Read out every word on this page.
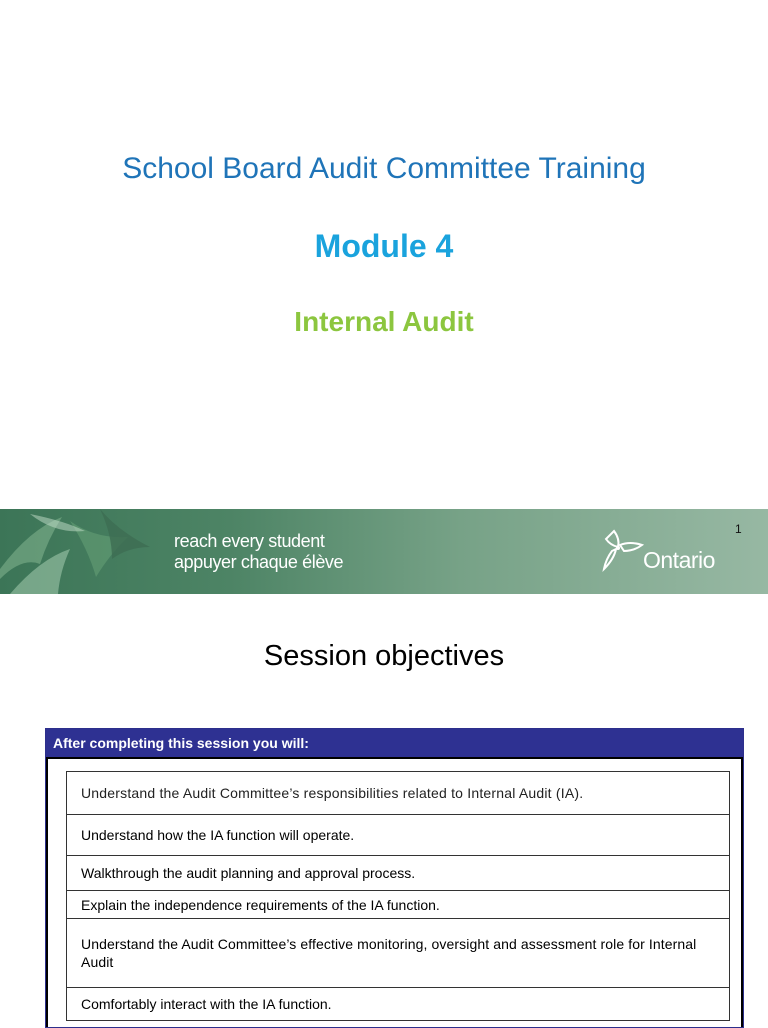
School Board Audit Committee Training
Module 4
Internal Audit
reach every student
appuyer chaque élève	Ontario
1
Session objectives
After completing this session you will:
Understand the Audit Committee’s responsibilities related to Internal Audit (IA).
Understand how the IA function will operate.
Walkthrough the audit planning and approval process.
Explain the independence requirements of the IA function.
Understand the Audit Committee’s effective monitoring, oversight and assessment role for Internal Audit
Comfortably interact with the IA function.
